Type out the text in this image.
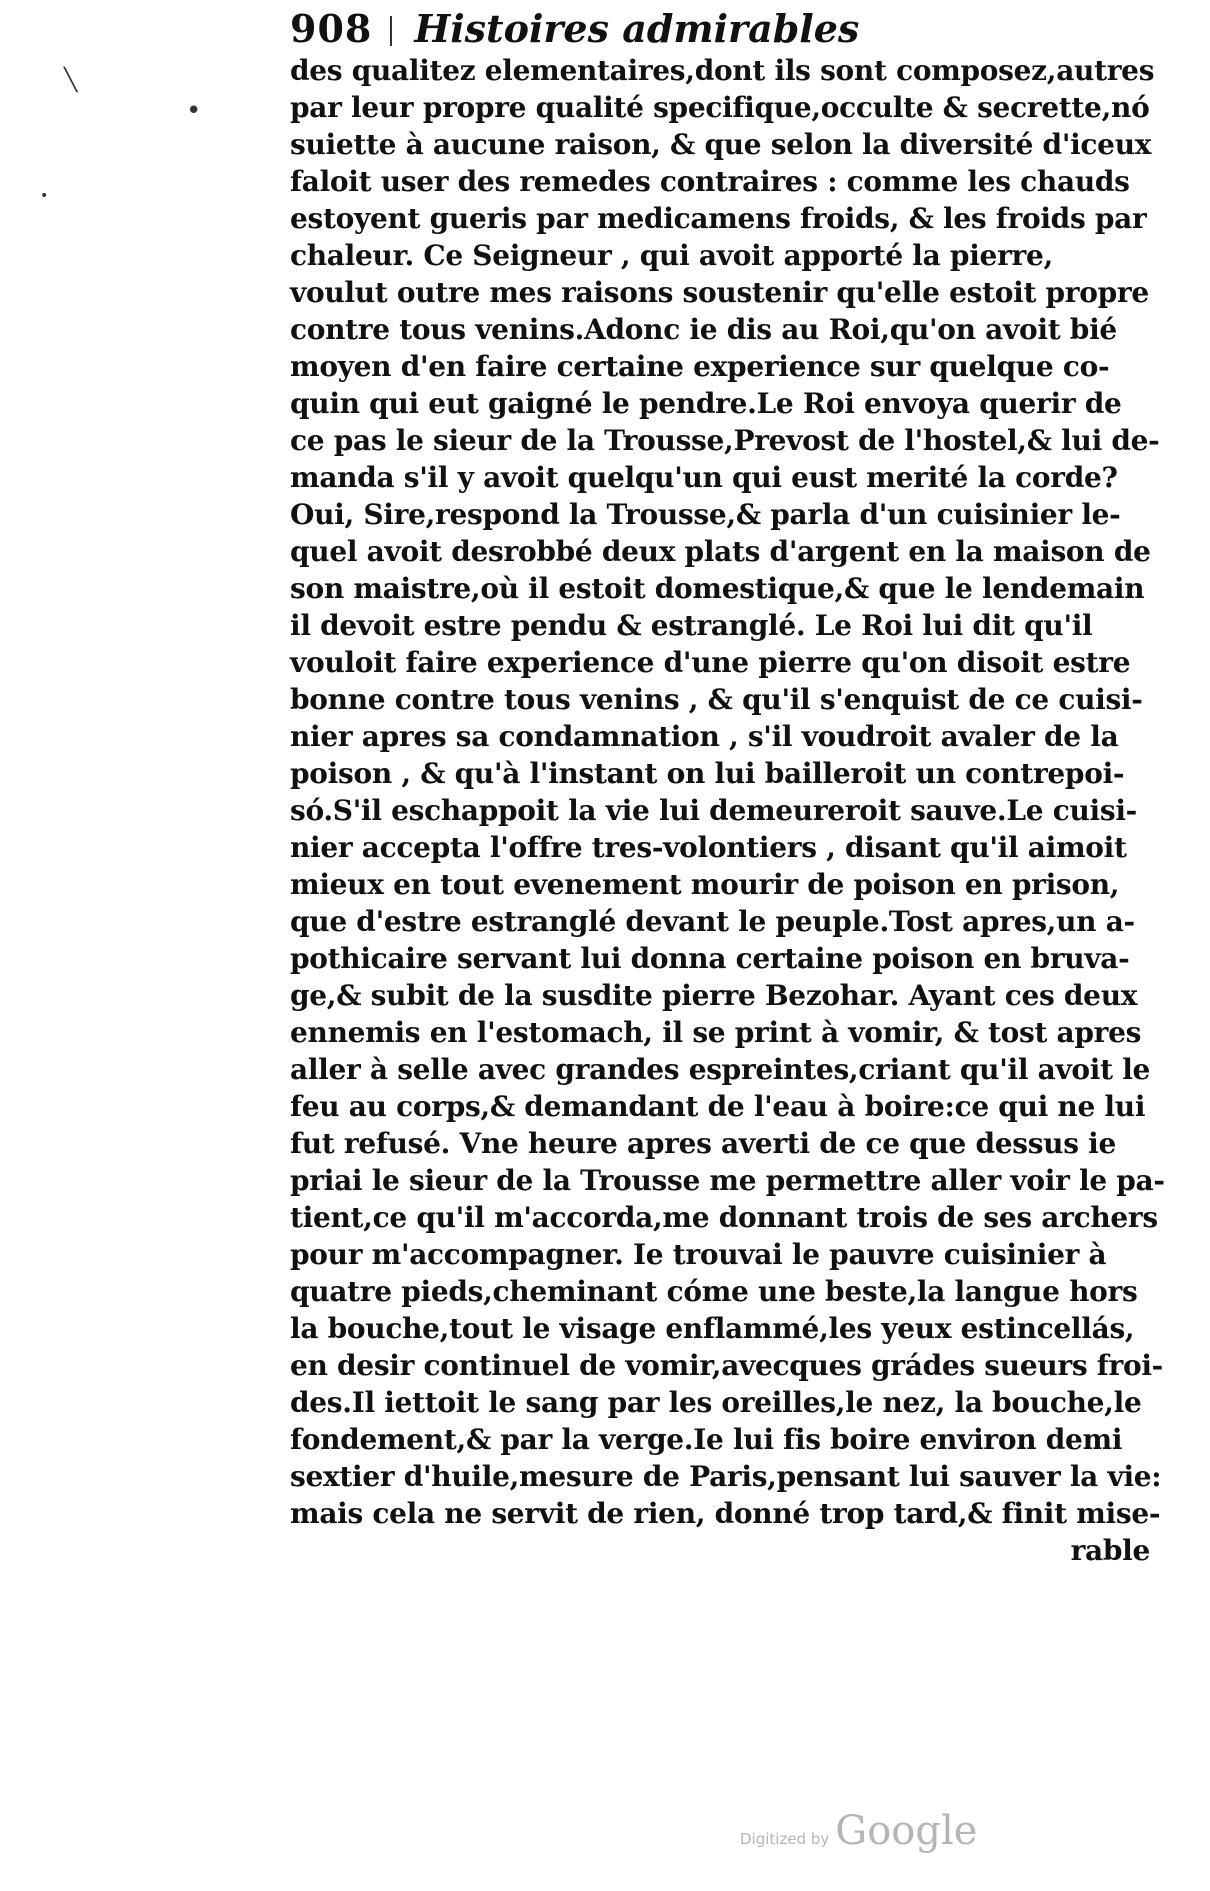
908 Histoires admirables
╲
•
•
des qualitez elementaires,dont ils sont composez,autres
par leur propre qualité specifique,occulte & secrette,nó
suiette à aucune raison, & que selon la diversité d'iceux
faloit user des remedes contraires : comme les chauds
estoyent gueris par medicamens froids, & les froids par
chaleur. Ce Seigneur , qui avoit apporté la pierre,
voulut outre mes raisons soustenir qu'elle estoit propre
contre tous venins.Adonc ie dis au Roi,qu'on avoit bié
moyen d'en faire certaine experience sur quelque co-
quin qui eut gaigné le pendre.Le Roi envoya querir de
ce pas le sieur de la Trousse,Prevost de l'hostel,& lui de-
manda s'il y avoit quelqu'un qui eust merité la corde?
Oui, Sire,respond la Trousse,& parla d'un cuisinier le-
quel avoit desrobbé deux plats d'argent en la maison de
son maistre,où il estoit domestique,& que le lendemain
il devoit estre pendu & estranglé. Le Roi lui dit qu'il
vouloit faire experience d'une pierre qu'on disoit estre
bonne contre tous venins , & qu'il s'enquist de ce cuisi-
nier apres sa condamnation , s'il voudroit avaler de la
poison , & qu'à l'instant on lui bailleroit un contrepoi-
só.S'il eschappoit la vie lui demeureroit sauve.Le cuisi-
nier accepta l'offre tres-volontiers , disant qu'il aimoit
mieux en tout evenement mourir de poison en prison,
que d'estre estranglé devant le peuple.Tost apres,un a-
pothicaire servant lui donna certaine poison en bruva-
ge,& subit de la susdite pierre Bezohar. Ayant ces deux
ennemis en l'estomach, il se print à vomir, & tost apres
aller à selle avec grandes espreintes,criant qu'il avoit le
feu au corps,& demandant de l'eau à boire:ce qui ne lui
fut refusé. Vne heure apres averti de ce que dessus ie
priai le sieur de la Trousse me permettre aller voir le pa-
tient,ce qu'il m'accorda,me donnant trois de ses archers
pour m'accompagner. Ie trouvai le pauvre cuisinier à
quatre pieds,cheminant cóme une beste,la langue hors
la bouche,tout le visage enflammé,les yeux estincellás,
en desir continuel de vomir,avecques grádes sueurs froi-
des.Il iettoit le sang par les oreilles,le nez, la bouche,le
fondement,& par la verge.Ie lui fis boire environ demi
sextier d'huile,mesure de Paris,pensant lui sauver la vie:
mais cela ne servit de rien, donné trop tard,& finit mise-
rable
Digitized by Google
